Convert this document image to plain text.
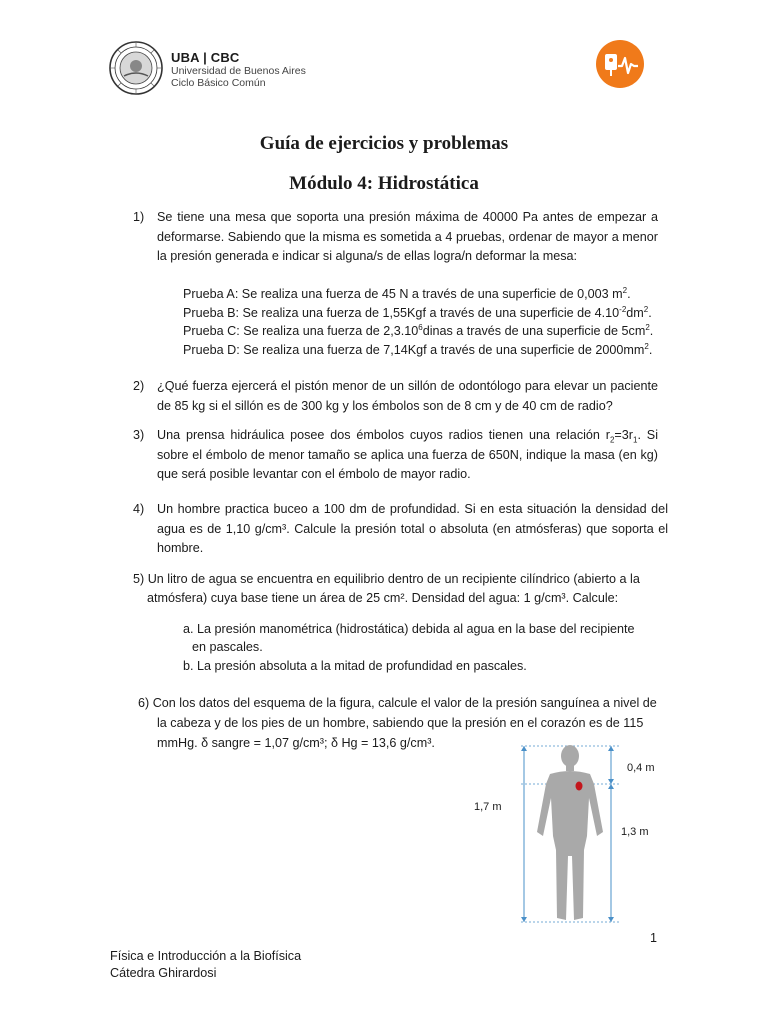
UBA | CBC
Universidad de Buenos Aires
Ciclo Básico Común
Guía de ejercicios y problemas
Módulo 4: Hidrostática
1) Se tiene una mesa que soporta una presión máxima de 40000 Pa antes de empezar a deformarse. Sabiendo que la misma es sometida a 4 pruebas, ordenar de mayor a menor la presión generada e indicar si alguna/s de ellas logra/n deformar la mesa:
Prueba A: Se realiza una fuerza de 45 N a través de una superficie de 0,003 $m^2$.
Prueba B: Se realiza una fuerza de 1,55Kgf a través de una superficie de $4.10^{-2}dm^2$.
Prueba C: Se realiza una fuerza de 2,3.10$^6$dinas a través de una superficie de $5cm^2$.
Prueba D: Se realiza una fuerza de 7,14Kgf a través de una superficie de $2000mm^2$.
2) ¿Qué fuerza ejercerá el pistón menor de un sillón de odontólogo para elevar un paciente de 85 kg si el sillón es de 300 kg y los émbolos son de 8 cm y de 40 cm de radio?
3) Una prensa hidráulica posee dos émbolos cuyos radios tienen una relación $r_2=3r_1$. Si sobre el émbolo de menor tamaño se aplica una fuerza de 650N, indique la masa (en kg) que será posible levantar con el émbolo de mayor radio.
4) Un hombre practica buceo a 100 dm de profundidad. Si en esta situación la densidad del agua es de 1,10 g/cm³. Calcule la presión total o absoluta (en atmósferas) que soporta el hombre.
5) Un litro de agua se encuentra en equilibrio dentro de un recipiente cilíndrico (abierto a la
atmósfera) cuya base tiene un área de 25 cm². Densidad del agua: 1 g/cm³. Calcule:
a. La presión manométrica (hidrostática) debida al agua en la base del recipiente
en pascales.
b. La presión absoluta a la mitad de profundidad en pascales.
6) Con los datos del esquema de la figura, calcule el valor de la presión sanguínea a nivel de
la cabeza y de los pies de un hombre, sabiendo que la presión en el corazón es de 115
mmHg. δ sangre = 1,07 g/cm³; δ Hg = 13,6 g/cm³.
1,7 m
0,4 m
1,3 m
1
Física e Introducción a la Biofísica
Cátedra Ghirardosi
